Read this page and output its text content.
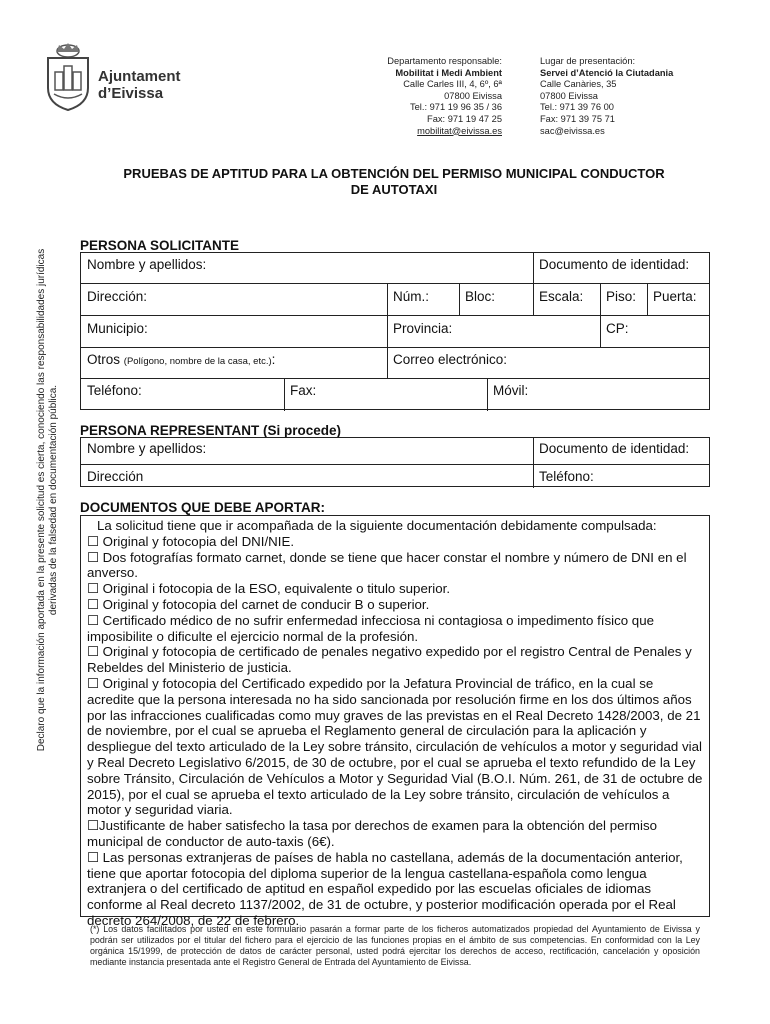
Ajuntament
d’Eivissa
Departamento responsable:
Mobilitat i Medi Ambient
Calle Carles III, 4, 6º, 6ª
07800 Eivissa
Tel.: 971 19 96 35 / 36
Fax: 971 19 47 25
mobilitat@eivissa.es
Lugar de presentación:
Servei d’Atenció la Ciutadania
Calle Canàries, 35
07800 Eivissa
Tel.: 971 39 76 00
Fax: 971 39 75 71
sac@eivissa.es
PRUEBAS DE APTITUD PARA LA OBTENCIÓN DEL PERMISO MUNICIPAL CONDUCTOR
DE AUTOTAXI
Declaro que la información aportada en la presente solicitud es cierta, conociendo las responsabilidades jurídicas derivadas de la falsedad en documentación pública.
PERSONA SOLICITANTE
Nombre y apellidos:	Documento de identidad:
Dirección:	Núm.:	Bloc:	Escala:	Piso:	Puerta:
Municipio:	Provincia:	CP:
Otros (Polígono, nombre de la casa, etc.):	Correo electrónico:
Teléfono:	Fax:	Móvil:
PERSONA REPRESENTANT (Si procede)
Nombre y apellidos:	Documento de identidad:
Dirección	Teléfono:
DOCUMENTOS QUE DEBE APORTAR:

La solicitud tiene que ir acompañada de la siguiente documentación debidamente compulsada:

☐ Original y fotocopia del DNI/NIE.

☐ Dos fotografías formato carnet, donde se tiene que hacer constar el nombre y número de DNI en el anverso.

☐ Original i fotocopia de la ESO, equivalente o titulo superior.

☐ Original y fotocopia del carnet de conducir B o superior.

☐ Certificado médico de no sufrir enfermedad infecciosa ni contagiosa o impedimento físico que imposibilite o dificulte el ejercicio normal de la profesión.

☐ Original y fotocopia de certificado de penales negativo expedido por el registro Central de Penales y Rebeldes del Ministerio de justicia.

☐ Original y fotocopia del Certificado expedido por la Jefatura Provincial de tráfico, en la cual se acredite que la persona interesada no ha sido sancionada por resolución firme en los dos últimos años por las infracciones cualificadas como muy graves de las previstas en el Real Decreto 1428/2003, de 21 de noviembre, por el cual se aprueba el Reglamento general de circulación para la aplicación y despliegue del texto articulado de la Ley sobre tránsito, circulación de vehículos a motor y seguridad vial y Real Decreto Legislativo 6/2015, de 30 de octubre, por el cual se aprueba el texto refundido de la Ley sobre Tránsito, Circulación de Vehículos a Motor y Seguridad Vial (B.O.I. Núm. 261, de 31 de octubre de 2015), por el cual se aprueba el texto articulado de la Ley sobre tránsito, circulación de vehículos a motor y seguridad viaria.

☐Justificante de haber satisfecho la tasa por derechos de examen para la obtención del permiso municipal de conductor de auto-taxis (6€).

☐ Las personas extranjeras de países de habla no castellana, además de la documentación anterior, tiene que aportar fotocopia del diploma superior de la lengua castellana-española como lengua extranjera o del certificado de aptitud en español expedido por las escuelas oficiales de idiomas conforme al Real decreto 1137/2002, de 31 de octubre, y posterior modificación operada por el Real decreto 264/2008, de 22 de febrero.

(*) Los datos facilitados por usted en este formulario pasarán a formar parte de los ficheros automatizados propiedad del Ayuntamiento de Eivissa y podrán ser utilizados por el titular del fichero para el ejercicio de las funciones propias en el ámbito de sus competencias. En conformidad con la Ley orgánica 15/1999, de protección de datos de carácter personal, usted podrá ejercitar los derechos de acceso, rectificación, cancelación y oposición mediante instancia presentada ante el Registro General de Entrada del Ayuntamiento de Eivissa.
